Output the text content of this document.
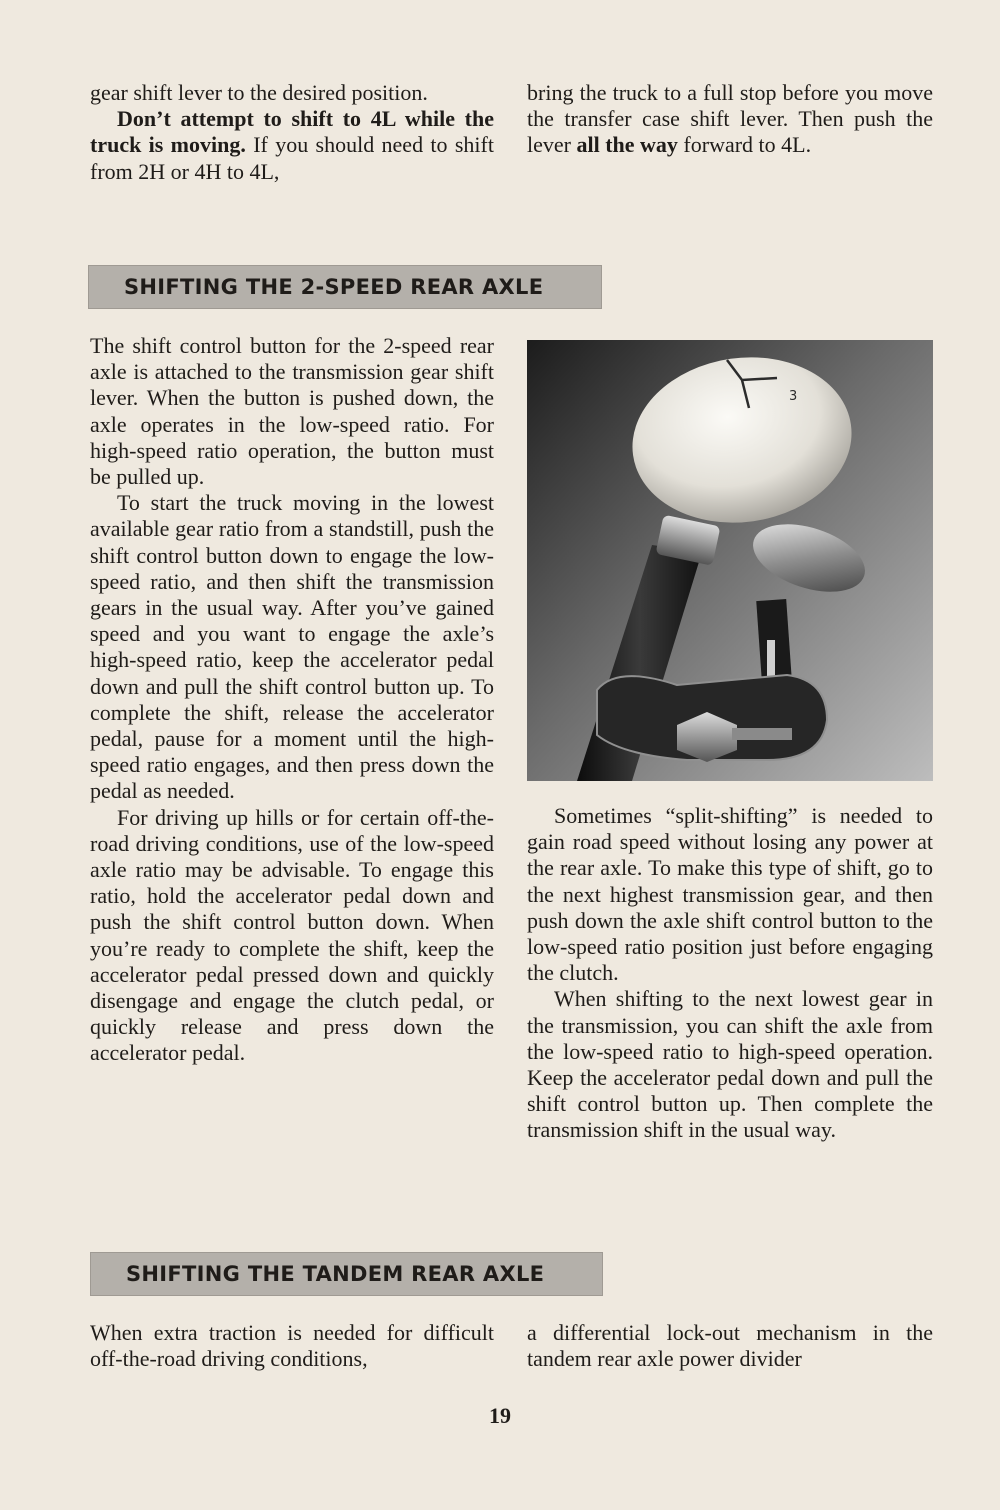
gear shift lever to the desired position.

Don’t attempt to shift to 4L while the truck is moving. If you should need to shift from 2H or 4H to 4L,

bring the truck to a full stop before you move the transfer case shift lever. Then push the lever all the way forward to 4L.

SHIFTING THE 2-SPEED REAR AXLE

The shift control button for the 2-speed rear axle is attached to the transmission gear shift lever. When the button is pushed down, the axle operates in the low-speed ratio. For high-speed ratio operation, the button must be pulled up.

To start the truck moving in the lowest available gear ratio from a standstill, push the shift control button down to engage the low-speed ratio, and then shift the transmission gears in the usual way. After you’ve gained speed and you want to engage the axle’s high-speed ratio, keep the accelerator pedal down and pull the shift control button up. To complete the shift, release the accelerator pedal, pause for a moment until the high-speed ratio engages, and then press down the pedal as needed.

For driving up hills or for certain off-the-road driving conditions, use of the low-speed axle ratio may be advisable. To engage this ratio, hold the accelerator pedal down and push the shift control button down. When you’re ready to complete the shift, keep the accelerator pedal pressed down and quickly disengage and engage the clutch pedal, or quickly release and press down the accelerator pedal.

3

Sometimes “split-shifting” is needed to gain road speed without losing any power at the rear axle. To make this type of shift, go to the next highest transmission gear, and then push down the axle shift control button to the low-speed ratio position just before engaging the clutch.

When shifting to the next lowest gear in the transmission, you can shift the axle from the low-speed ratio to high-speed operation. Keep the accelerator pedal down and pull the shift control button up. Then complete the transmission shift in the usual way.

SHIFTING THE TANDEM REAR AXLE

When extra traction is needed for difficult off-the-road driving conditions,

a differential lock-out mechanism in the tandem rear axle power divider

19
